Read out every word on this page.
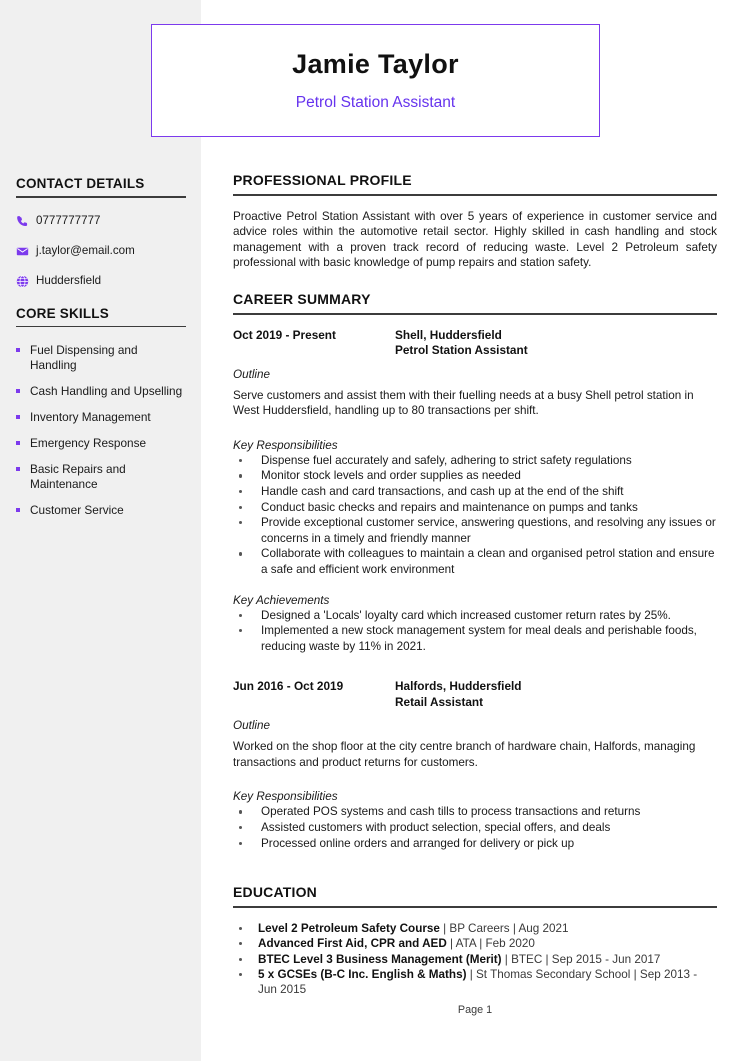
CONTACT DETAILS
0777777777
j.taylor@email.com
Huddersfield
CORE SKILLS
Fuel Dispensing and Handling
Cash Handling and Upselling
Inventory Management
Emergency Response
Basic Repairs and Maintenance
Customer Service
Jamie Taylor
Petrol Station Assistant
PROFESSIONAL PROFILE

Proactive Petrol Station Assistant with over 5 years of experience in customer service and advice roles within the automotive retail sector. Highly skilled in cash handling and stock management with a proven track record of reducing waste. Level 2 Petroleum safety professional with basic knowledge of pump repairs and station safety.

CAREER SUMMARY
Oct 2019 - Present	Shell, Huddersfield
Petrol Station Assistant
Outline

Serve customers and assist them with their fuelling needs at a busy Shell petrol station in West Huddersfield, handling up to 80 transactions per shift.

Key Responsibilities
Dispense fuel accurately and safely, adhering to strict safety regulations
Monitor stock levels and order supplies as needed
Handle cash and card transactions, and cash up at the end of the shift
Conduct basic checks and repairs and maintenance on pumps and tanks
Provide exceptional customer service, answering questions, and resolving any issues or concerns in a timely and friendly manner
Collaborate with colleagues to maintain a clean and organised petrol station and ensure a safe and efficient work environment
Key Achievements
Designed a 'Locals' loyalty card which increased customer return rates by 25%.
Implemented a new stock management system for meal deals and perishable foods, reducing waste by 11% in 2021.
Jun 2016 - Oct 2019	Halfords, Huddersfield
Retail Assistant
Outline

Worked on the shop floor at the city centre branch of hardware chain, Halfords, managing transactions and product returns for customers.

Key Responsibilities
Operated POS systems and cash tills to process transactions and returns
Assisted customers with product selection, special offers, and deals
Processed online orders and arranged for delivery or pick up
EDUCATION
Level 2 Petroleum Safety Course | BP Careers | Aug 2021
Advanced First Aid, CPR and AED | ATA | Feb 2020
BTEC Level 3 Business Management (Merit) | BTEC | Sep 2015 - Jun 2017
5 x GCSEs (B-C Inc. English & Maths) | St Thomas Secondary School | Sep 2013 - Jun 2015
Page 1
